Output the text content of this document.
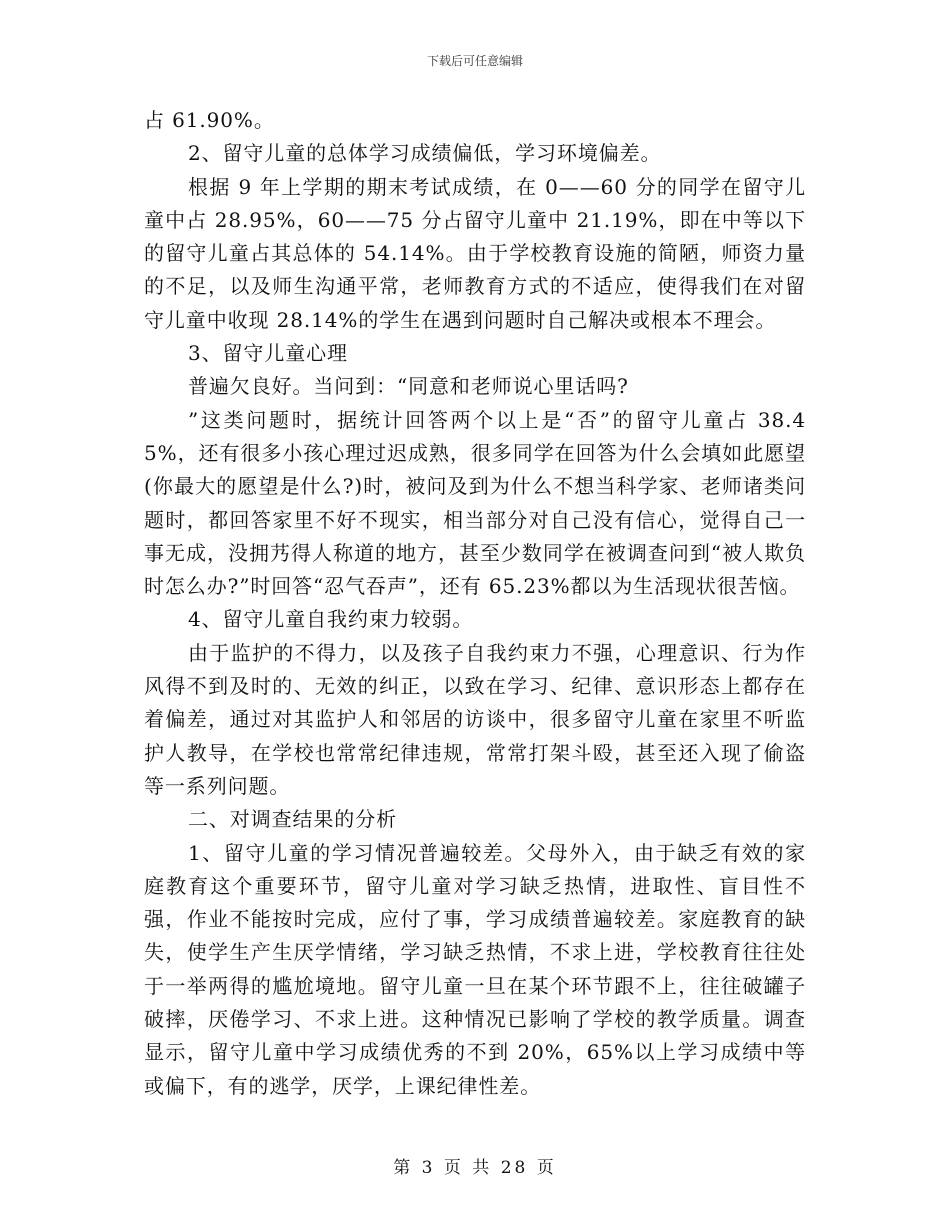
下载后可任意编辑

占 61.90%。

2、留守儿童的总体学习成绩偏低，学习环境偏差。

根据 9 年上学期的期末考试成绩，在 0——60 分的同学在留守儿童中占 28.95%，60——75 分占留守儿童中 21.19%，即在中等以下的留守儿童占其总体的 54.14%。由于学校教育设施的简陋，师资力量的不足，以及师生沟通平常，老师教育方式的不适应，使得我们在对留守儿童中收现 28.14%的学生在遇到问题时自己解决或根本不理会。

3、留守儿童心理

普遍欠良好。当问到：“同意和老师说心里话吗?

”这类问题时，据统计回答两个以上是“否”的留守儿童占 38.45%，还有很多小孩心理过迟成熟，很多同学在回答为什么会填如此愿望(你最大的愿望是什么?)时，被问及到为什么不想当科学家、老师诸类问题时，都回答家里不好不现实，相当部分对自己没有信心，觉得自己一事无成，没拥艿得人称道的地方，甚至少数同学在被调查问到“被人欺负时怎么办?”时回答“忍气吞声”，还有 65.23%都以为生活现状很苦恼。

4、留守儿童自我约束力较弱。

由于监护的不得力，以及孩子自我约束力不强，心理意识、行为作风得不到及时的、无效的纠正，以致在学习、纪律、意识形态上都存在着偏差，通过对其监护人和邻居的访谈中，很多留守儿童在家里不听监护人教导，在学校也常常纪律违规，常常打架斗殴，甚至还入现了偷盗等一系列问题。

二、对调查结果的分析

1、留守儿童的学习情况普遍较差。父母外入，由于缺乏有效的家庭教育这个重要环节，留守儿童对学习缺乏热情，进取性、盲目性不强，作业不能按时完成，应付了事，学习成绩普遍较差。家庭教育的缺失，使学生产生厌学情绪，学习缺乏热情，不求上进，学校教育往往处于一举两得的尴尬境地。留守儿童一旦在某个环节跟不上，往往破罐子破摔，厌倦学习、不求上进。这种情况已影响了学校的教学质量。调查显示，留守儿童中学习成绩优秀的不到 20%，65%以上学习成绩中等或偏下，有的逃学，厌学，上课纪律性差。

第 3 页 共 28 页
